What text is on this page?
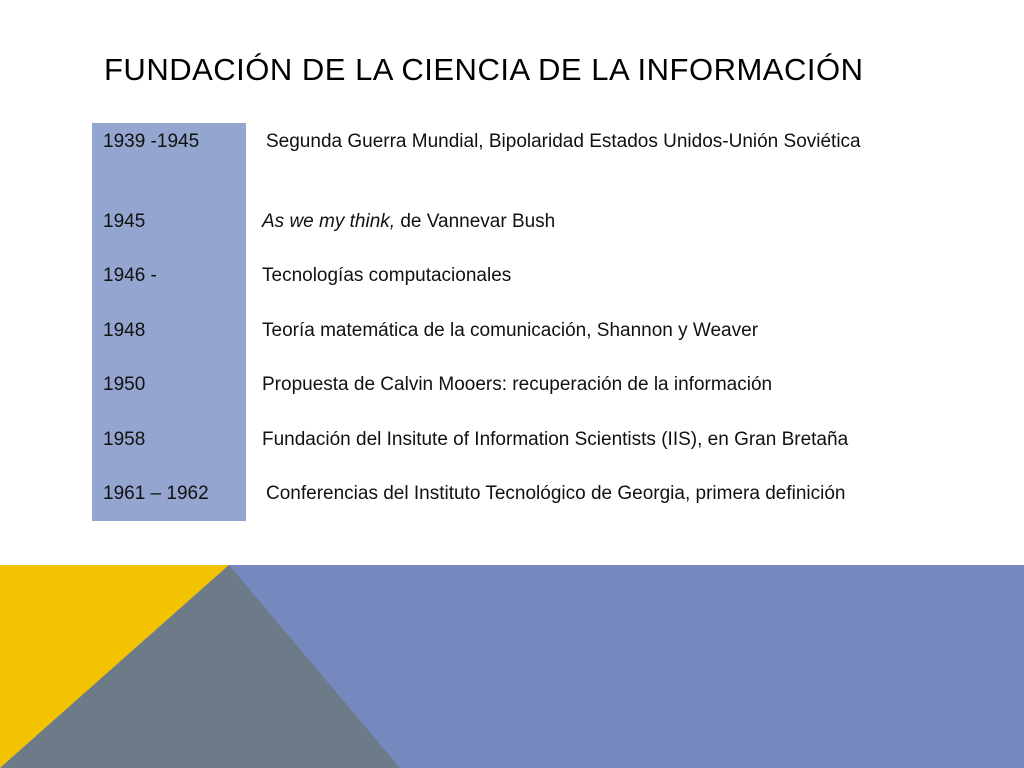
FUNDACIÓN DE LA CIENCIA DE LA INFORMACIÓN
1939 -1945	Segunda Guerra Mundial, Bipolaridad Estados Unidos-Unión Soviética
1945	As we my think, de Vannevar Bush
1946 -	Tecnologías computacionales
1948	Teoría matemática de la comunicación, Shannon y Weaver
1950	Propuesta de Calvin Mooers: recuperación de la información
1958	Fundación del Insitute of Information Scientists (IIS), en Gran Bretaña
1961 – 1962	Conferencias del Instituto Tecnológico de Georgia, primera definición
